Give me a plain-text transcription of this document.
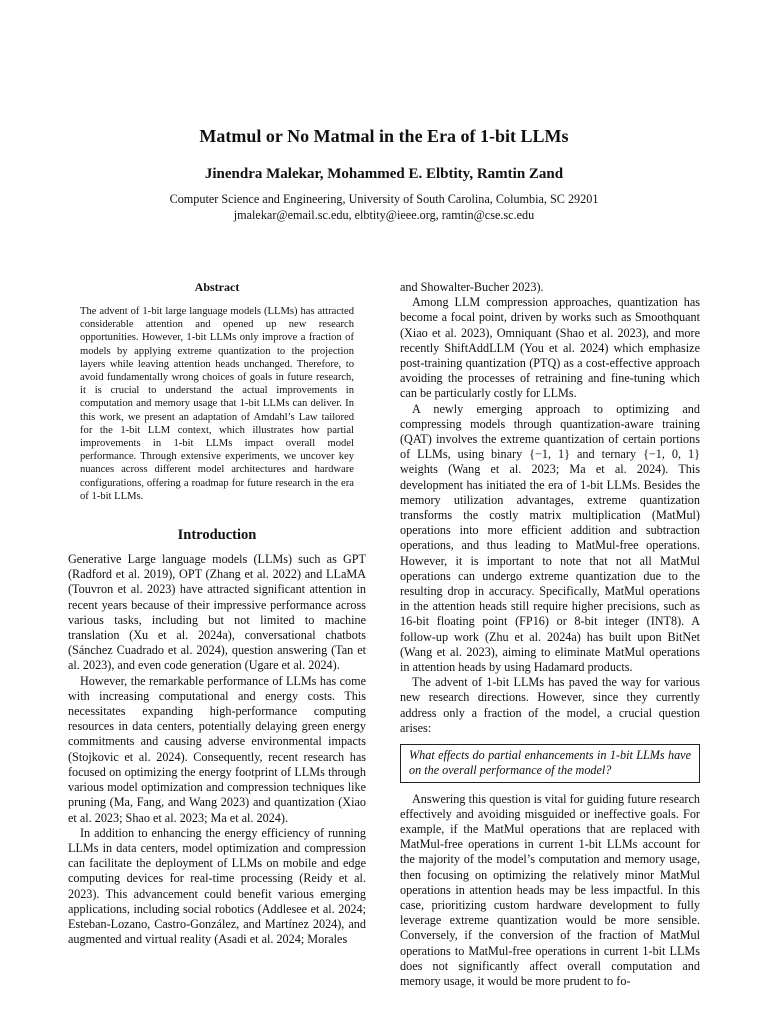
Matmul or No Matmal in the Era of 1-bit LLMs
Jinendra Malekar, Mohammed E. Elbtity, Ramtin Zand
Computer Science and Engineering, University of South Carolina, Columbia, SC 29201
jmalekar@email.sc.edu, elbtity@ieee.org, ramtin@cse.sc.edu
Abstract
The advent of 1-bit large language models (LLMs) has attracted considerable attention and opened up new research opportunities. However, 1-bit LLMs only improve a fraction of models by applying extreme quantization to the projection layers while leaving attention heads unchanged. Therefore, to avoid fundamentally wrong choices of goals in future research, it is crucial to understand the actual improvements in computation and memory usage that 1-bit LLMs can deliver. In this work, we present an adaptation of Amdahl’s Law tailored for the 1-bit LLM context, which illustrates how partial improvements in 1-bit LLMs impact overall model performance. Through extensive experiments, we uncover key nuances across different model architectures and hardware configurations, offering a roadmap for future research in the era of 1-bit LLMs.
Introduction

Generative Large language models (LLMs) such as GPT (Radford et al. 2019), OPT (Zhang et al. 2022) and LLaMA (Touvron et al. 2023) have attracted significant attention in recent years because of their impressive performance across various tasks, including but not limited to machine translation (Xu et al. 2024a), conversational chatbots (Sánchez Cuadrado et al. 2024), question answering (Tan et al. 2023), and even code generation (Ugare et al. 2024).

However, the remarkable performance of LLMs has come with increasing computational and energy costs. This necessitates expanding high-performance computing resources in data centers, potentially delaying green energy commitments and causing adverse environmental impacts (Stojkovic et al. 2024). Consequently, recent research has focused on optimizing the energy footprint of LLMs through various model optimization and compression techniques like pruning (Ma, Fang, and Wang 2023) and quantization (Xiao et al. 2023; Shao et al. 2023; Ma et al. 2024).

In addition to enhancing the energy efficiency of running LLMs in data centers, model optimization and compression can facilitate the deployment of LLMs on mobile and edge computing devices for real-time processing (Reidy et al. 2023). This advancement could benefit various emerging applications, including social robotics (Addlesee et al. 2024; Esteban-Lozano, Castro-González, and Martínez 2024), and augmented and virtual reality (Asadi et al. 2024; Morales

and Showalter-Bucher 2023).

Among LLM compression approaches, quantization has become a focal point, driven by works such as Smoothquant (Xiao et al. 2023), Omniquant (Shao et al. 2023), and more recently ShiftAddLLM (You et al. 2024) which emphasize post-training quantization (PTQ) as a cost-effective approach avoiding the processes of retraining and fine-tuning which can be particularly costly for LLMs.

A newly emerging approach to optimizing and compressing models through quantization-aware training (QAT) involves the extreme quantization of certain portions of LLMs, using binary {−1, 1} and ternary {−1, 0, 1} weights (Wang et al. 2023; Ma et al. 2024). This development has initiated the era of 1-bit LLMs. Besides the memory utilization advantages, extreme quantization transforms the costly matrix multiplication (MatMul) operations into more efficient addition and subtraction operations, and thus leading to MatMul-free operations. However, it is important to note that not all MatMul operations can undergo extreme quantization due to the resulting drop in accuracy. Specifically, MatMul operations in the attention heads still require higher precisions, such as 16-bit floating point (FP16) or 8-bit integer (INT8). A follow-up work (Zhu et al. 2024a) has built upon BitNet (Wang et al. 2023), aiming to eliminate MatMul operations in attention heads by using Hadamard products.

The advent of 1-bit LLMs has paved the way for various new research directions. However, since they currently address only a fraction of the model, a crucial question arises:

What effects do partial enhancements in 1-bit LLMs have on the overall performance of the model?

Answering this question is vital for guiding future research effectively and avoiding misguided or ineffective goals. For example, if the MatMul operations that are replaced with MatMul-free operations in current 1-bit LLMs account for the majority of the model’s computation and memory usage, then focusing on optimizing the relatively minor MatMul operations in attention heads may be less impactful. In this case, prioritizing custom hardware development to fully leverage extreme quantization would be more sensible. Conversely, if the conversion of the fraction of MatMul operations to MatMul-free operations in current 1-bit LLMs does not significantly affect overall computation and memory usage, it would be more prudent to fo-
